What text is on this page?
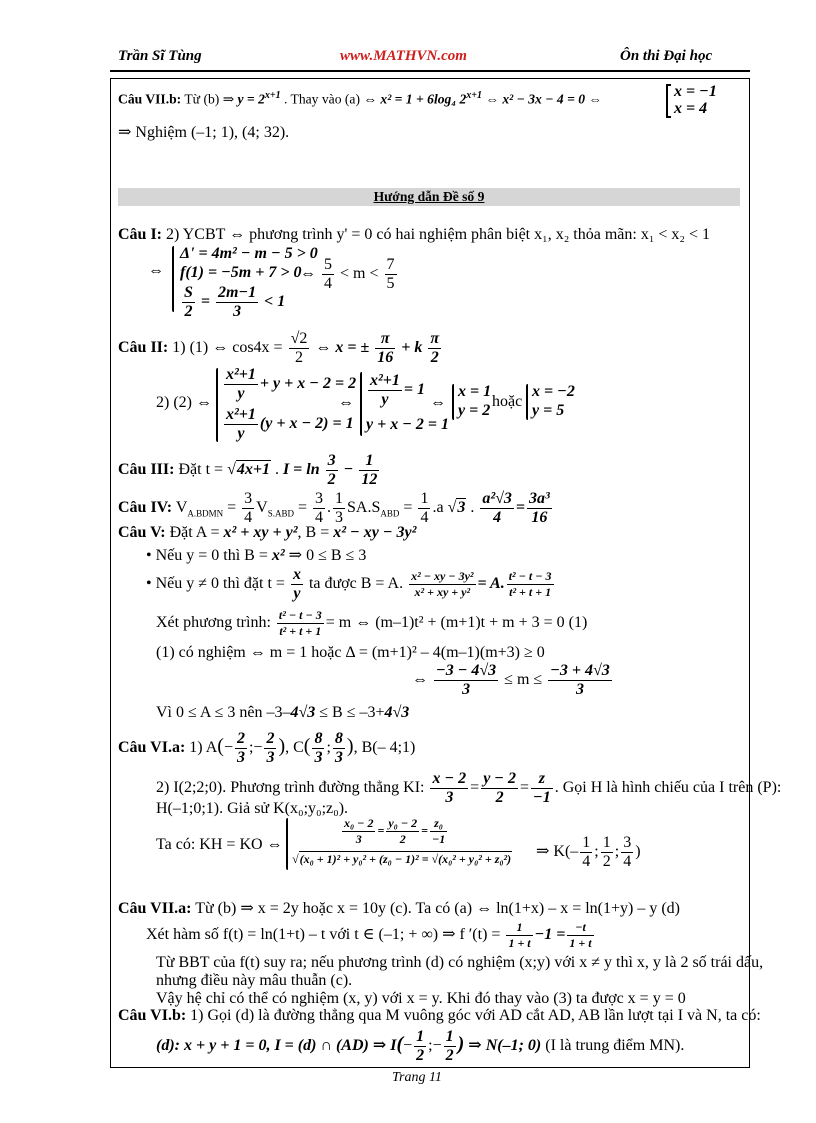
Trần Sĩ Tùng	www.MATHVN.com	Ôn thi Đại học
Câu VII.b: Từ (b) ⇒ $y = 2^{x+1}$ . Thay vào (a) ⇔ x² = 1 + 6log₄ $2^{x+1}$ ⇔ x² − 3x − 4 = 0 ⇔	x = −1
x = 4
⇒ Nghiệm (–1; 1), (4; 32).
Hướng dẫn Đề số 9
Câu I: 2) YCBT ⇔ phương trình y' = 0 có hai nghiệm phân biệt x₁, x₂ thỏa mãn: x₁ < x₂ < 1
⇔
Δ' = 4m² − m − 5 > 0
f(1) = −5m + 7 > 0
$\frac{S}{2} = \frac{2m-1}{3} < 1$
⇔ $\frac{5}{4} < m < \frac{7}{5}$
Câu II: 1) (1) ⇔ $\cos 4x = \frac{√2}{2}$ ⇔ x = ± $\frac{\pi}{16} + k \frac{\pi}{2}$
2) (2) ⇔ $\frac{\text{x²+1}}{y} + y + x - 2 = 2$
$\frac{\text{x²+1}}{y} (y + x - 2) = 1$
⇔ $\frac{\text{x²+1}}{y} = 1$
y + x − 2 = 1
⇔
x = 1
y = 2
hoặc
x = −2
y = 5
Câu III: Đặt t = √4x+1 . $I = \ln \frac{3}{2} - \frac{1}{12}$
Câu IV: $V_{A.BDMN} = \frac{3}{4} V_{S.ABD} = \frac{3}{4}$ . $\frac{1}{3} SA.S_{ABD} = \frac{1}{4} .a$ √3 . $\frac{\text{a²√3}}{4} = \frac{\text{3a³}}{16}$
Câu V: Đặt A = x² + xy + y², B = x² − xy − 3y²
• Nếu y = 0 thì B = x² ⇒ 0 ≤ B ≤ 3
• Nếu y ≠ 0 thì đặt $t = \frac{x}{y}$ ta được B = A. $\frac{\text{x² − xy − 3y²}}{\text{x² + xy + y²}} = A$. $\frac{\text{t² − t − 3}}{\text{t² + t + 1}}$
Xét phương trình: $\frac{\text{t² − t − 3}}{\text{t² + t + 1}} = m$ ⇔ (m–1)t² + (m+1)t + m + 3 = 0 (1)
(1) có nghiệm ⇔ m = 1 hoặc Δ = (m+1)² – 4(m–1)(m+3) ≥ 0
⇔ $\frac{-3 - 4√3}{3} \le m \le \frac{-3 + 4√3}{3}$
Vì 0 ≤ A ≤ 3 nên –3–4√3 ≤ B ≤ –3+4√3
Câu VI.a: 1) $A(- \frac{2}{3}$ ;− $\frac{2}{3}$ ), $C( \frac{8}{3}$ ; $\frac{8}{3}$ ), B(– 4;1)
2) I(2;2;0). Phương trình đường thẳng KI: $\frac{x - 2}{3} = \frac{y - 2}{2} = \frac{z}{-1}$ . Gọi H là hình chiếu của I trên (P):
H(–1;0;1). Giả sử K(x₀;y₀;z₀).
Ta có: KH = KO ⇔	$\frac{\text{x₀ − 2}}{3} = \frac{\text{y₀ − 2}}{2} = \frac{\text{z₀}}{-1}$
√(x₀ + 1)² + y₀² + (z₀ − 1)² = √(x₀² + y₀² + z₀²) ⇒ $K(- \frac{1}{4}$ ; $\frac{1}{2}$ ; $\frac{3}{4}$ )
Câu VII.a: Từ (b) ⇒ x = 2y hoặc x = 10y (c). Ta có (a) ⇔ ln(1+x) – x = ln(1+y) – y (d)
Xét hàm số f(t) = ln(1+t) – t với t ∈ (–1; + ∞) ⇒ f $'(t) = \frac{1}{1 + t} -1 = \frac{-t}{1 + t}$
Từ BBT của f(t) suy ra; nếu phương trình (d) có nghiệm (x;y) với x ≠ y thì x, y là 2 số trái dấu,
nhưng điều này mâu thuẫn (c).
Vậy hệ chỉ có thể có nghiệm (x, y) với x = y. Khi đó thay vào (3) ta được x = y = 0
Câu VI.b: 1) Gọi (d) là đường thẳng qua M vuông góc với AD cắt AD, AB lần lượt tại I và N, ta có:
(d): x + y + 1 = 0, I = (d) ∩ (AD) ⇒ $I(- \frac{1}{2}$ ;− $\frac{1}{2}$ ) ⇒ N(–1; 0) (I là trung điểm MN).
Trang 11
